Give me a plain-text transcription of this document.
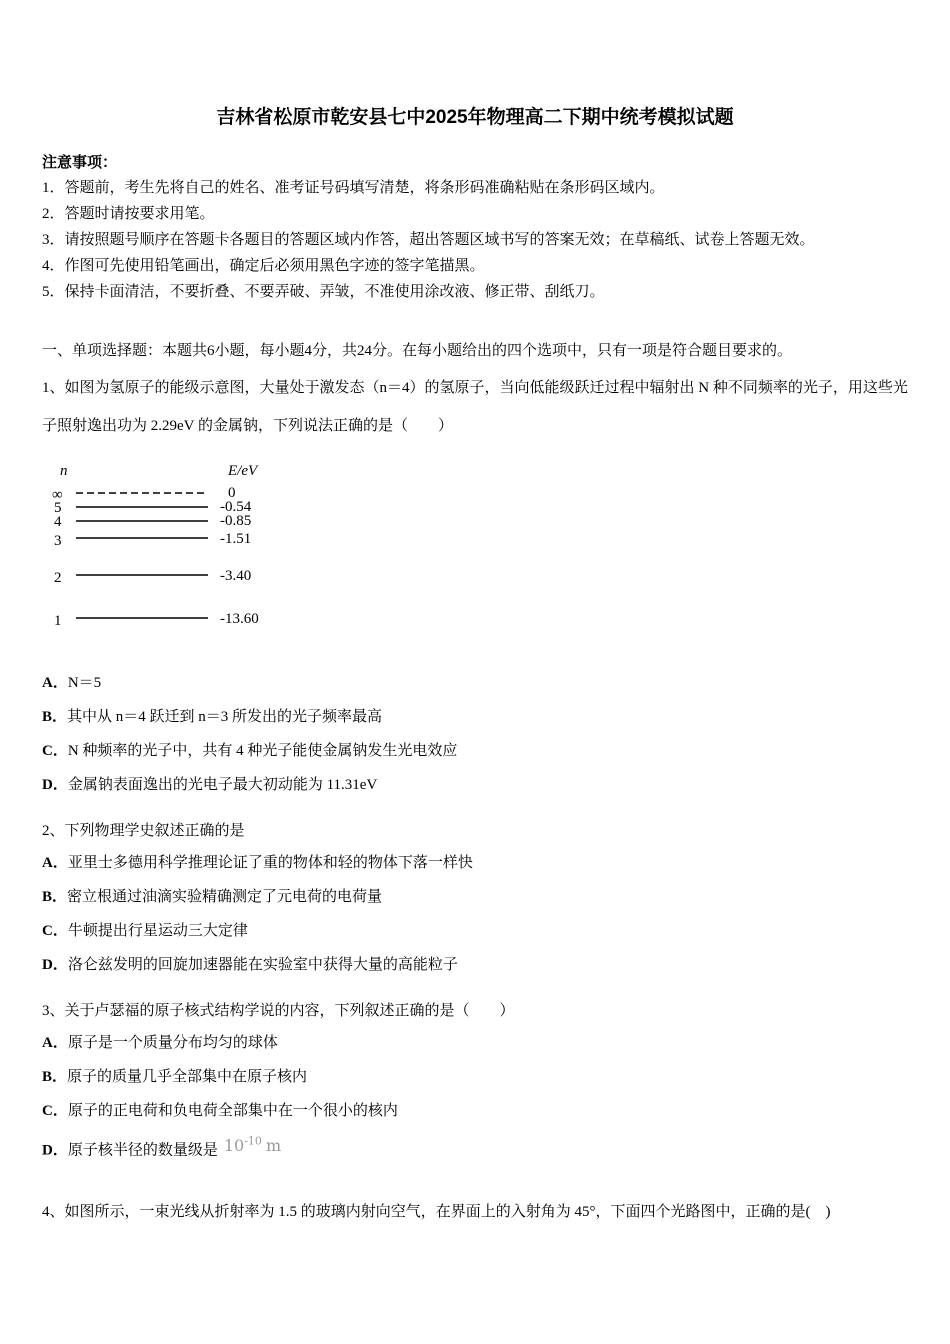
吉林省松原市乾安县七中2025年物理高二下期中统考模拟试题
注意事项：
1．答题前，考生先将自己的姓名、准考证号码填写清楚，将条形码准确粘贴在条形码区域内。
2．答题时请按要求用笔。
3．请按照题号顺序在答题卡各题目的答题区域内作答，超出答题区域书写的答案无效；在草稿纸、试卷上答题无效。
4．作图可先使用铅笔画出，确定后必须用黑色字迹的签字笔描黑。
5．保持卡面清洁，不要折叠、不要弄破、弄皱，不准使用涂改液、修正带、刮纸刀。
一、单项选择题：本题共6小题，每小题4分，共24分。在每小题给出的四个选项中，只有一项是符合题目要求的。
1、如图为氢原子的能级示意图，大量处于激发态（n＝4）的氢原子，当向低能级跃迁过程中辐射出 N 种不同频率的光子，用这些光子照射逸出功为 2.29eV 的金属钠，下列说法正确的是（　　）
n	E/eV
∞	0
5	-0.54
4	-0.85
3	-1.51
2	-3.40
1	-13.60
A．N＝5
B．其中从 n＝4 跃迁到 n＝3 所发出的光子频率最高
C．N 种频率的光子中，共有 4 种光子能使金属钠发生光电效应
D．金属钠表面逸出的光电子最大初动能为 11.31eV
2、下列物理学史叙述正确的是
A．亚里士多德用科学推理论证了重的物体和轻的物体下落一样快
B．密立根通过油滴实验精确测定了元电荷的电荷量
C．牛顿提出行星运动三大定律
D．洛仑兹发明的回旋加速器能在实验室中获得大量的高能粒子
3、关于卢瑟福的原子核式结构学说的内容，下列叙述正确的是（　　）
A．原子是一个质量分布均匀的球体
B．原子的质量几乎全部集中在原子核内
C．原子的正电荷和负电荷全部集中在一个很小的核内
D．原子核半径的数量级是 $10^{-10}$ m
4、如图所示，一束光线从折射率为 1.5 的玻璃内射向空气，在界面上的入射角为 45°，下面四个光路图中，正确的是(　)
